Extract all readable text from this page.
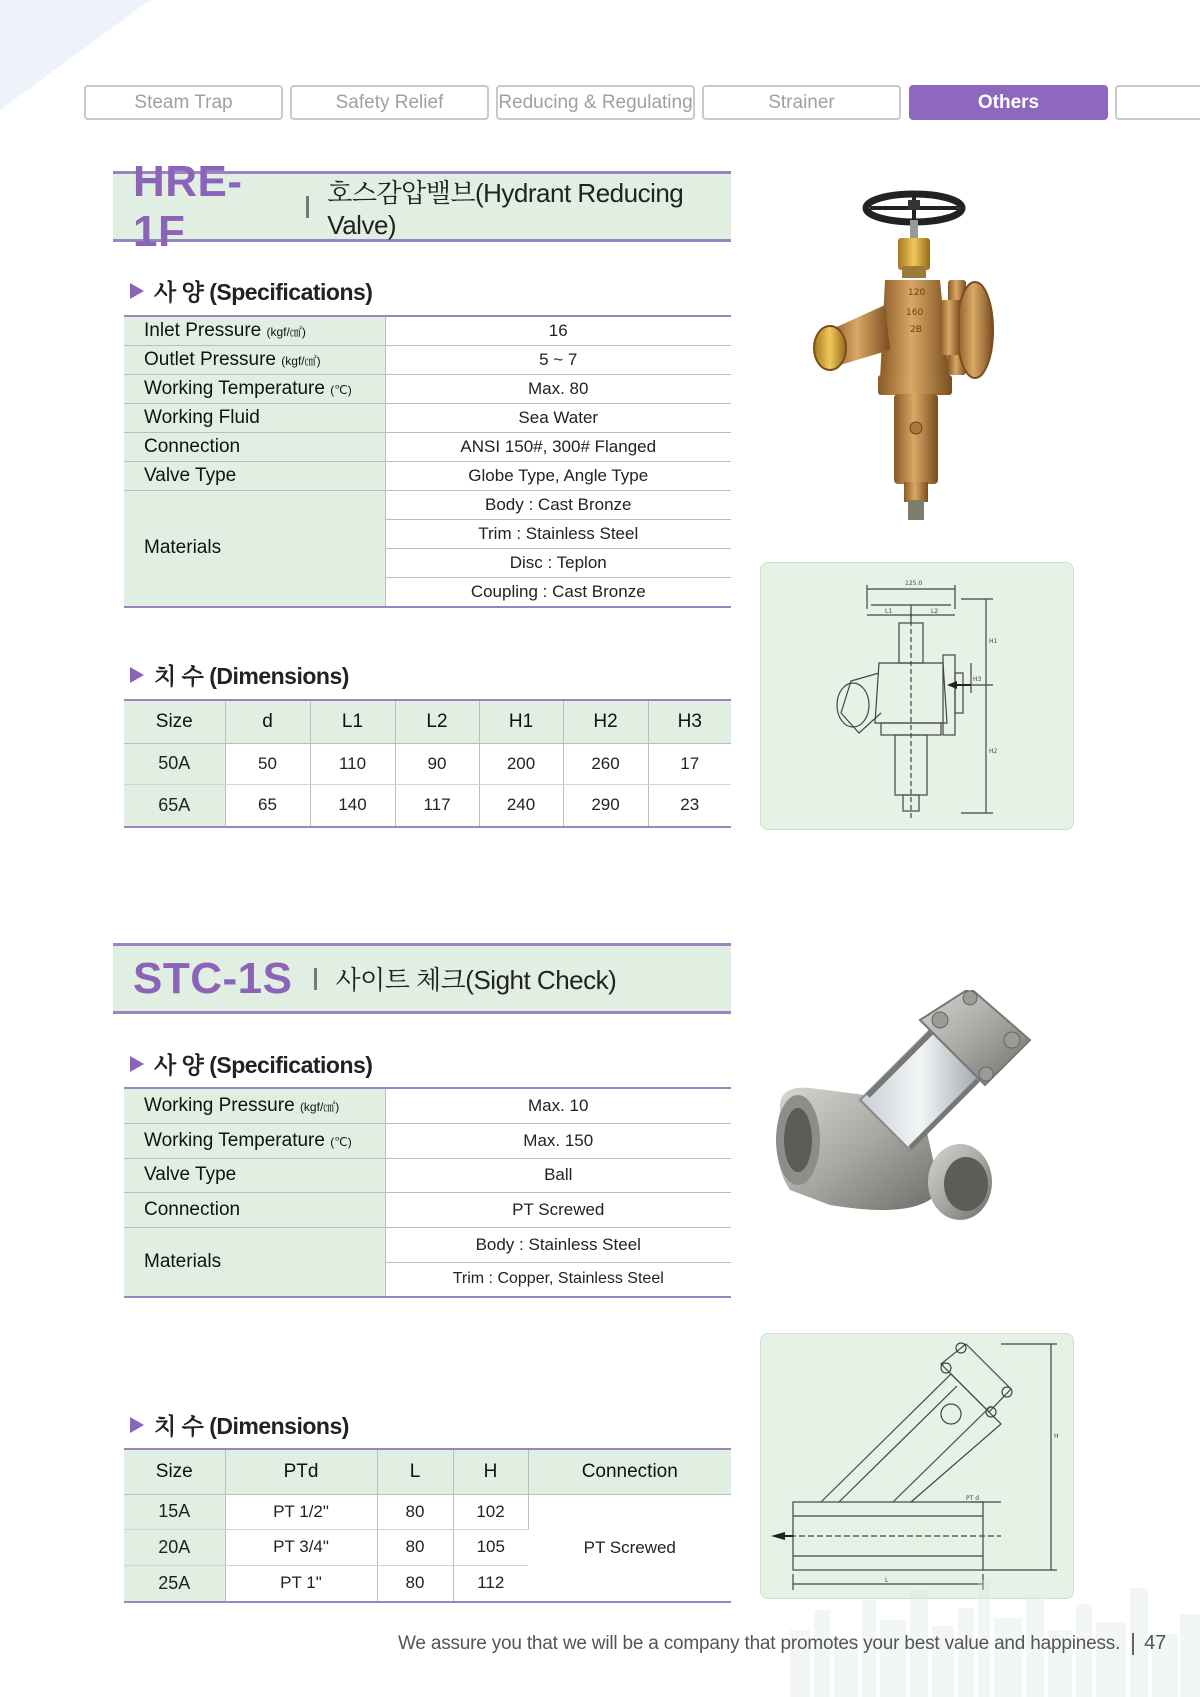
Steam Trap	Safety Relief	Reducing & Regulating	Strainer	Others
HRE-1F
호스감압밸브(Hydrant Reducing Valve)
사 양 (Specifications)
Inlet Pressure (kgf/㎠)	16
Outlet Pressure (kgf/㎠)	5 ~ 7
Working Temperature (℃)	Max. 80
Working Fluid	Sea Water
Connection	ANSI 150#, 300# Flanged
Valve Type	Globe Type, Angle Type
Materials	Body : Cast Bronze
	Trim : Stainless Steel
	Disc : Teplon
	Coupling : Cast Bronze
치 수 (Dimensions)
Size	d	L1	L2	H1	H2	H3
50A	50	110	90	200	260	17
65A	65	140	117	240	290	23
120
160
2B
125.0
L1	L2
H1
H2
H3
STC-1S 사이트 체크(Sight Check)
사 양 (Specifications)
Working Pressure (kgf/㎠)	Max. 10
Working Temperature (℃)	Max. 150
Valve Type	Ball
Connection	PT Screwed
Materials	Body : Stainless Steel
	Trim : Copper, Stainless Steel
치 수 (Dimensions)
Size	PTd	L	H	Connection
15A	PT 1/2"	80	102	PT Screwed
20A	PT 3/4"	80	105	
25A	PT 1"	80	112	
H
PT d
L
We assure you that we will be a company that promotes your best value and happiness. 47
